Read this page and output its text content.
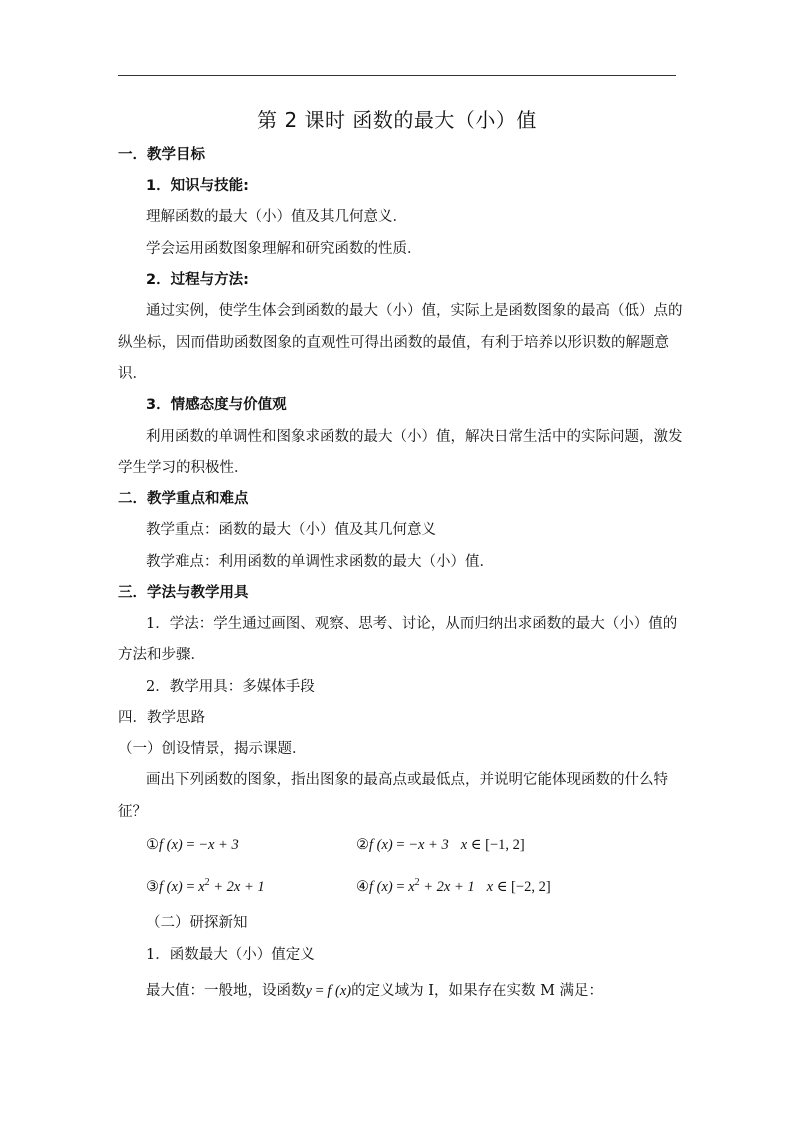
第 2 课时 函数的最大（小）值
一．教学目标
1．知识与技能:
理解函数的最大（小）值及其几何意义．
学会运用函数图象理解和研究函数的性质．
2．过程与方法:
通过实例，使学生体会到函数的最大（小）值，实际上是函数图象的最高（低）点的
纵坐标，因而借助函数图象的直观性可得出函数的最值，有利于培养以形识数的解题意
识．
3．情感态度与价值观
利用函数的单调性和图象求函数的最大（小）值，解决日常生活中的实际问题，激发
学生学习的积极性．
二．教学重点和难点
教学重点：函数的最大（小）值及其几何意义
教学难点：利用函数的单调性求函数的最大（小）值．
三．学法与教学用具
1．学法：学生通过画图、观察、思考、讨论，从而归纳出求函数的最大（小）值的
方法和步骤．
2．教学用具：多媒体手段
四．教学思路
（一）创设情景，揭示课题．
画出下列函数的图象，指出图象的最高点或最低点，并说明它能体现函数的什么特
征？
①f (x) = −x + 3	②f (x) = −x + 3 x ∈ [−1, 2]
③f $(x) = x^2 + 2x + 1$	④f $(x) = x^2 + 2x + 1$ x ∈ [−2, 2]
（二）研探新知
1．函数最大（小）值定义
最大值：一般地，设函数y = f (x)的定义域为 I，如果存在实数 M 满足：
